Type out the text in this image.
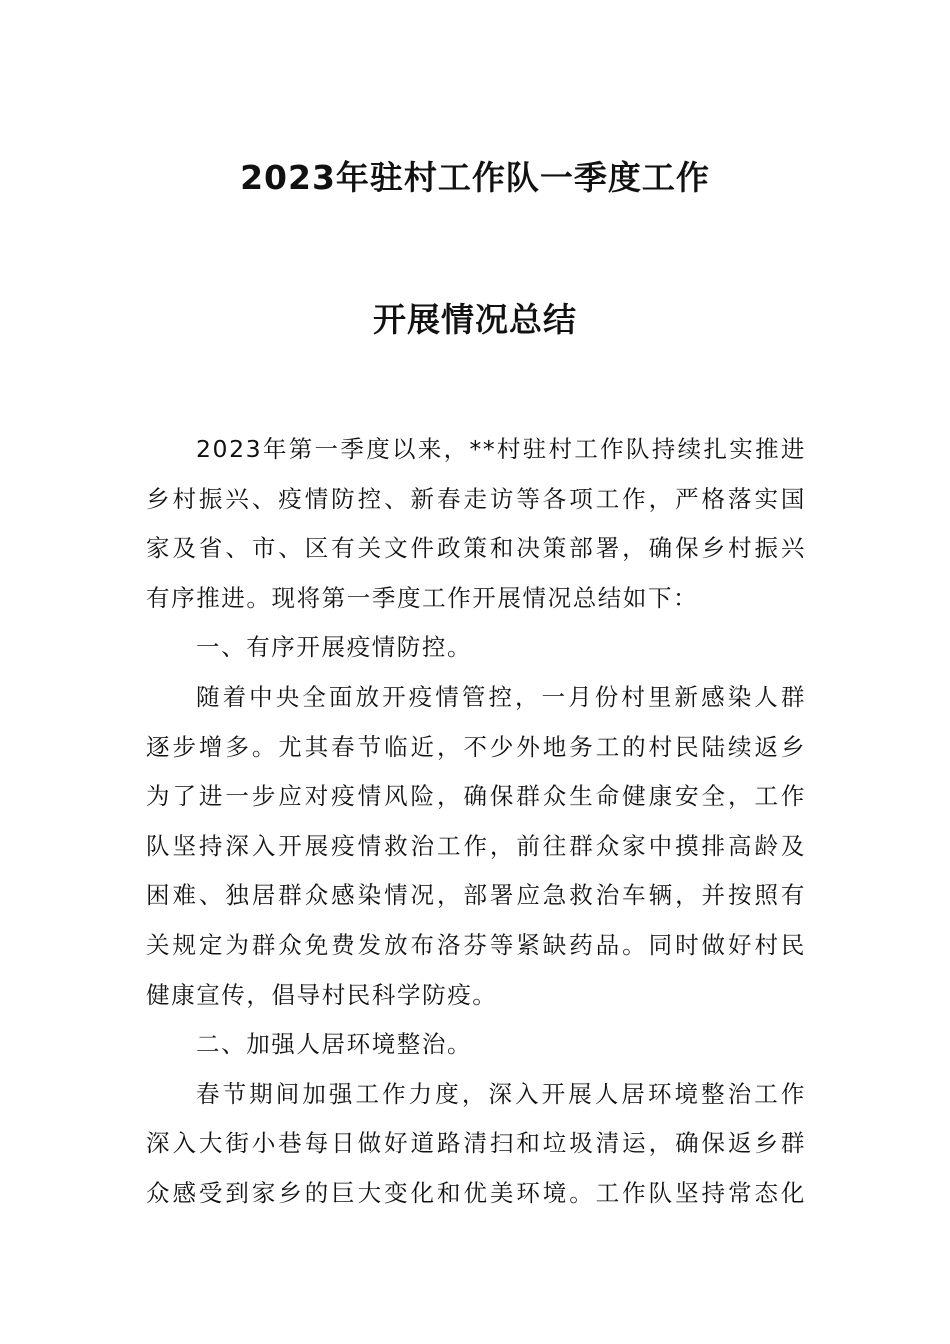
2023年驻村工作队一季度工作
开展情况总结
2023年第一季度以来，**村驻村工作队持续扎实推进
乡村振兴、疫情防控、新春走访等各项工作，严格落实国
家及省、市、区有关文件政策和决策部署，确保乡村振兴
有序推进。现将第一季度工作开展情况总结如下：
一、有序开展疫情防控。
随着中央全面放开疫情管控，一月份村里新感染人群
逐步增多。尤其春节临近，不少外地务工的村民陆续返乡
为了进一步应对疫情风险，确保群众生命健康安全，工作
队坚持深入开展疫情救治工作，前往群众家中摸排高龄及
困难、独居群众感染情况，部署应急救治车辆，并按照有
关规定为群众免费发放布洛芬等紧缺药品。同时做好村民
健康宣传，倡导村民科学防疫。
二、加强人居环境整治。
春节期间加强工作力度，深入开展人居环境整治工作
深入大街小巷每日做好道路清扫和垃圾清运，确保返乡群
众感受到家乡的巨大变化和优美环境。工作队坚持常态化
